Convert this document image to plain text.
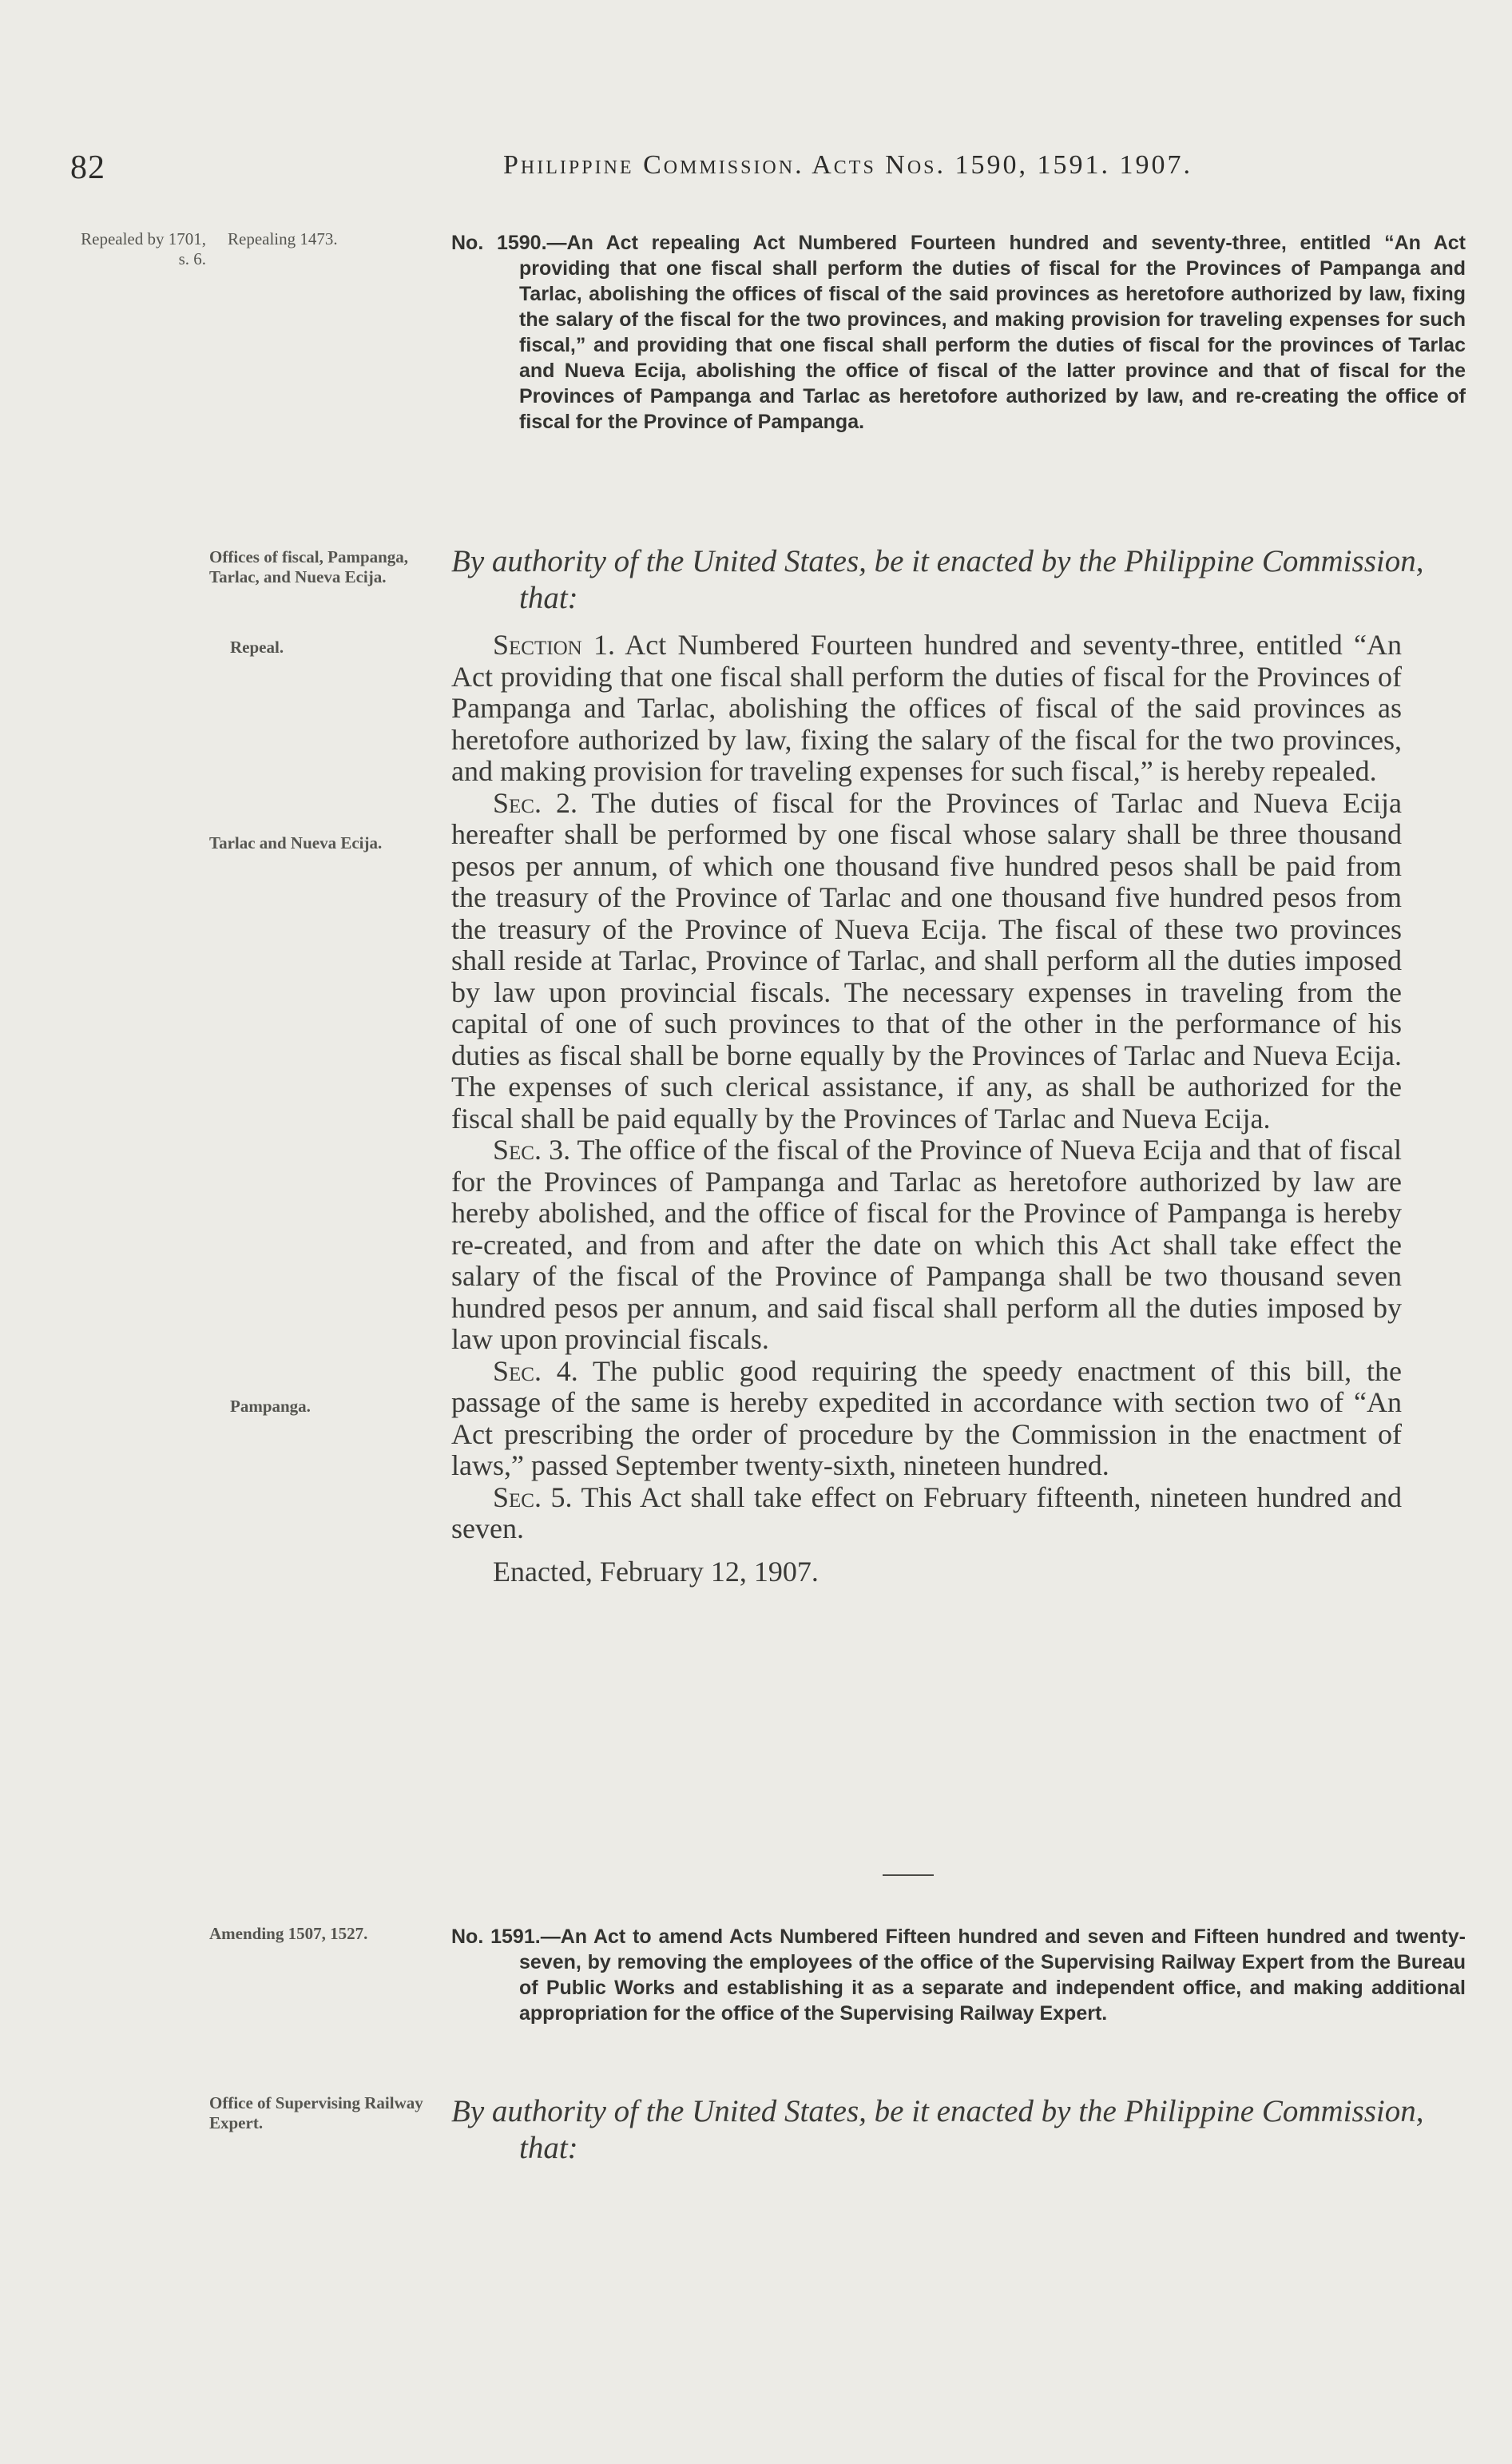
82	Philippine Commission. Acts Nos. 1590, 1591. 1907.
Repealed by 1701, s. 6.
Repealing 1473.
Offices of fiscal, Pampanga, Tarlac, and Nueva Ecija.
Repeal.
Tarlac and Nueva Ecija.
Pampanga.
Amending 1507, 1527.
Office of Supervising Railway Expert.
No. 1590.—An Act repealing Act Numbered Fourteen hundred and seventy-three, entitled “An Act providing that one fiscal shall perform the duties of fiscal for the Provinces of Pampanga and Tarlac, abolishing the offices of fiscal of the said provinces as heretofore authorized by law, fixing the salary of the fiscal for the two provinces, and making provision for traveling expenses for such fiscal,” and providing that one fiscal shall perform the duties of fiscal for the provinces of Tarlac and Nueva Ecija, abolishing the office of fiscal of the latter province and that of fiscal for the Provinces of Pampanga and Tarlac as heretofore authorized by law, and re-creating the office of fiscal for the Province of Pampanga.
By authority of the United States, be it enacted by the Philippine Commission, that:

Section 1. Act Numbered Fourteen hundred and seventy-three, entitled “An Act providing that one fiscal shall perform the duties of fiscal for the Provinces of Pampanga and Tarlac, abolishing the offices of fiscal of the said provinces as heretofore authorized by law, fixing the salary of the fiscal for the two provinces, and making provision for traveling expenses for such fiscal,” is hereby repealed.

Sec. 2. The duties of fiscal for the Provinces of Tarlac and Nueva Ecija hereafter shall be performed by one fiscal whose salary shall be three thousand pesos per annum, of which one thousand five hundred pesos shall be paid from the treasury of the Province of Tarlac and one thousand five hundred pesos from the treasury of the Province of Nueva Ecija. The fiscal of these two provinces shall reside at Tarlac, Province of Tarlac, and shall perform all the duties imposed by law upon provincial fiscals. The necessary expenses in traveling from the capital of one of such provinces to that of the other in the performance of his duties as fiscal shall be borne equally by the Provinces of Tarlac and Nueva Ecija. The expenses of such clerical assistance, if any, as shall be authorized for the fiscal shall be paid equally by the Provinces of Tarlac and Nueva Ecija.

Sec. 3. The office of the fiscal of the Province of Nueva Ecija and that of fiscal for the Provinces of Pampanga and Tarlac as heretofore authorized by law are hereby abolished, and the office of fiscal for the Province of Pampanga is hereby re-created, and from and after the date on which this Act shall take effect the salary of the fiscal of the Province of Pampanga shall be two thousand seven hundred pesos per annum, and said fiscal shall perform all the duties imposed by law upon provincial fiscals.

Sec. 4. The public good requiring the speedy enactment of this bill, the passage of the same is hereby expedited in accordance with section two of “An Act prescribing the order of procedure by the Commission in the enactment of laws,” passed September twenty-sixth, nineteen hundred.

Sec. 5. This Act shall take effect on February fifteenth, nineteen hundred and seven.

Enacted, February 12, 1907.

No. 1591.—An Act to amend Acts Numbered Fifteen hundred and seven and Fifteen hundred and twenty-seven, by removing the employees of the office of the Supervising Railway Expert from the Bureau of Public Works and establishing it as a separate and independent office, and making additional appropriation for the office of the Supervising Railway Expert.
By authority of the United States, be it enacted by the Philippine Commission, that:
